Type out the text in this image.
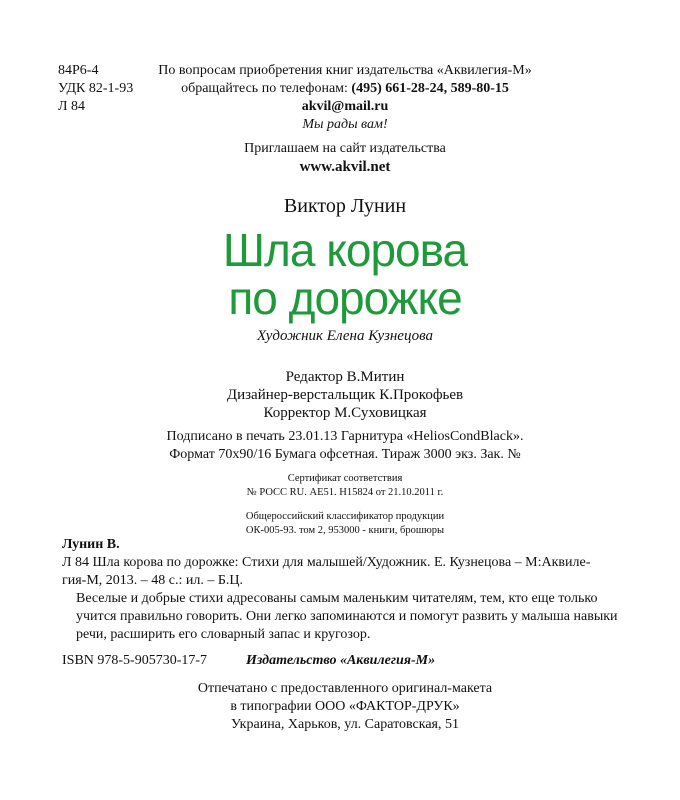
84Р6-4
УДК 82-1-93
Л 84
По вопросам приобретения книг издательства «Аквилегия-М»
обращайтесь по телефонам: (495) 661-28-24, 589-80-15
akvil@mail.ru
Мы рады вам!
Приглашаем на сайт издательства
www.akvil.net
Виктор Лунин
Шла корова
по дорожке
Художник Елена Кузнецова
Редактор В.Митин
Дизайнер-верстальщик К.Прокофьев
Корректор М.Суховицкая
Подписано в печать 23.01.13 Гарнитура «HeliosCondBlack».
Формат 70х90/16 Бумага офсетная. Тираж 3000 экз. Зак. №
Сертификат соответствия
№ РОСС RU. АЕ51. Н15824 от 21.10.2011 г.
Общероссийский классификатор продукции
ОК-005-93. том 2, 953000 - книги, брошюры
Лунин В.
Л 84 Шла корова по дорожке: Стихи для малышей/Художник. Е. Кузнецова – М:Аквиле-
гия-М, 2013. – 48 с.: ил. – Б.Ц.
Веселые и добрые стихи адресованы самым маленьким читателям, тем, кто еще только учится правильно говорить. Они легко запоминаются и помогут развить у малыша навыки речи, расширить его словарный запас и кругозор.
ISBN 978-5-905730-17-7	Издательство «Аквилегия-М»
Отпечатано с предоставленного оригинал-макета
в типографии ООО «ФАКТОР-ДРУК»
Украина, Харьков, ул. Саратовская, 51
